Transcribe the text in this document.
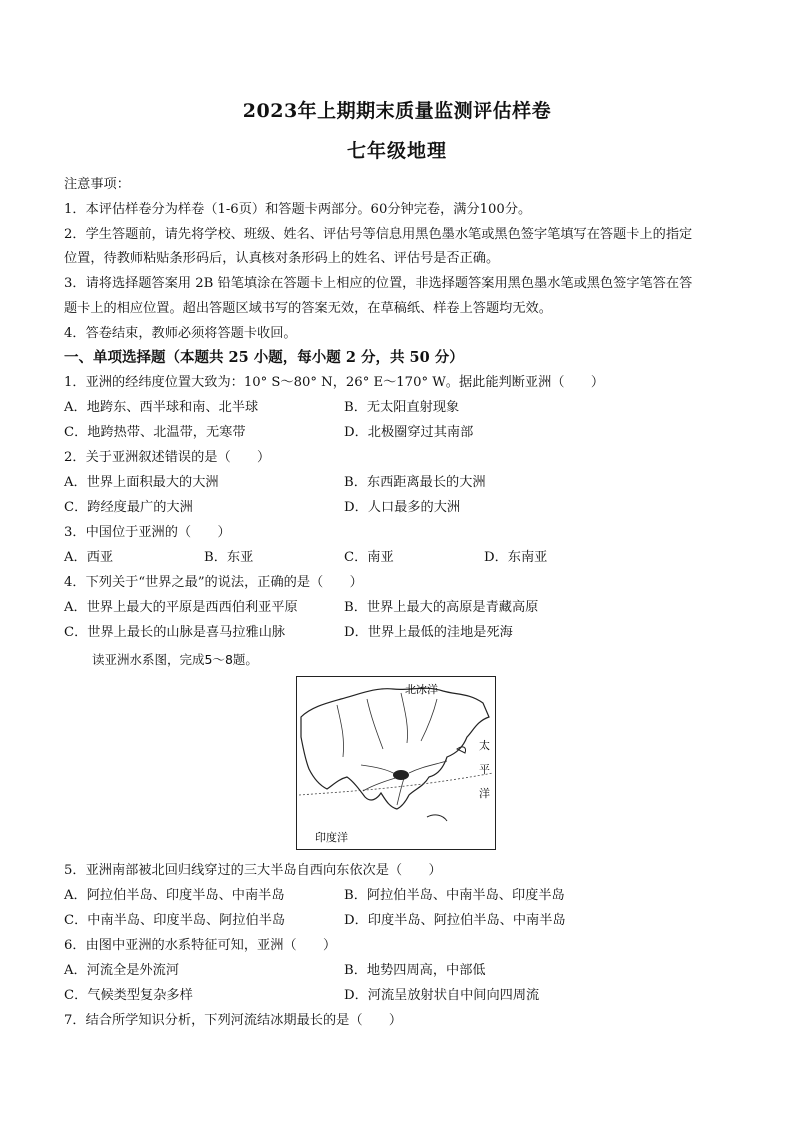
2023年上期期末质量监测评估样卷
七年级地理
注意事项：
1．本评估样卷分为样卷（1-6页）和答题卡两部分。60分钟完卷，满分100分。
2．学生答题前，请先将学校、班级、姓名、评估号等信息用黑色墨水笔或黑色签字笔填写在答题卡上的指定
位置，待教师粘贴条形码后，认真核对条形码上的姓名、评估号是否正确。
3．请将选择题答案用 2B 铅笔填涂在答题卡上相应的位置，非选择题答案用黑色墨水笔或黑色签字笔答在答
题卡上的相应位置。超出答题区域书写的答案无效，在草稿纸、样卷上答题均无效。
4．答卷结束，教师必须将答题卡收回。
一、单项选择题（本题共 25 小题，每小题 2 分，共 50 分）
1．亚洲的经纬度位置大致为：10° S～80° N，26° E～170° W。据此能判断亚洲（　　）
A．地跨东、西半球和南、北半球	B．无太阳直射现象
C．地跨热带、北温带，无寒带	D．北极圈穿过其南部
2．关于亚洲叙述错误的是（　　）
A．世界上面积最大的大洲	B．东西距离最长的大洲
C．跨经度最广的大洲	D．人口最多的大洲
3．中国位于亚洲的（　　）
A．西亚	B．东亚	C．南亚	D．东南亚
4．下列关于“世界之最”的说法，正确的是（　　）
A．世界上最大的平原是西西伯利亚平原	B．世界上最大的高原是青藏高原
C．世界上最长的山脉是喜马拉雅山脉	D．世界上最低的洼地是死海
读亚洲水系图，完成5～8题。
北冰洋
太
平
洋
印度洋
5．亚洲南部被北回归线穿过的三大半岛自西向东依次是（　　）
A．阿拉伯半岛、印度半岛、中南半岛	B．阿拉伯半岛、中南半岛、印度半岛
C．中南半岛、印度半岛、阿拉伯半岛	D．印度半岛、阿拉伯半岛、中南半岛
6．由图中亚洲的水系特征可知，亚洲（　　）
A．河流全是外流河	B．地势四周高，中部低
C．气候类型复杂多样	D．河流呈放射状自中间向四周流
7．结合所学知识分析，下列河流结冰期最长的是（　　）
